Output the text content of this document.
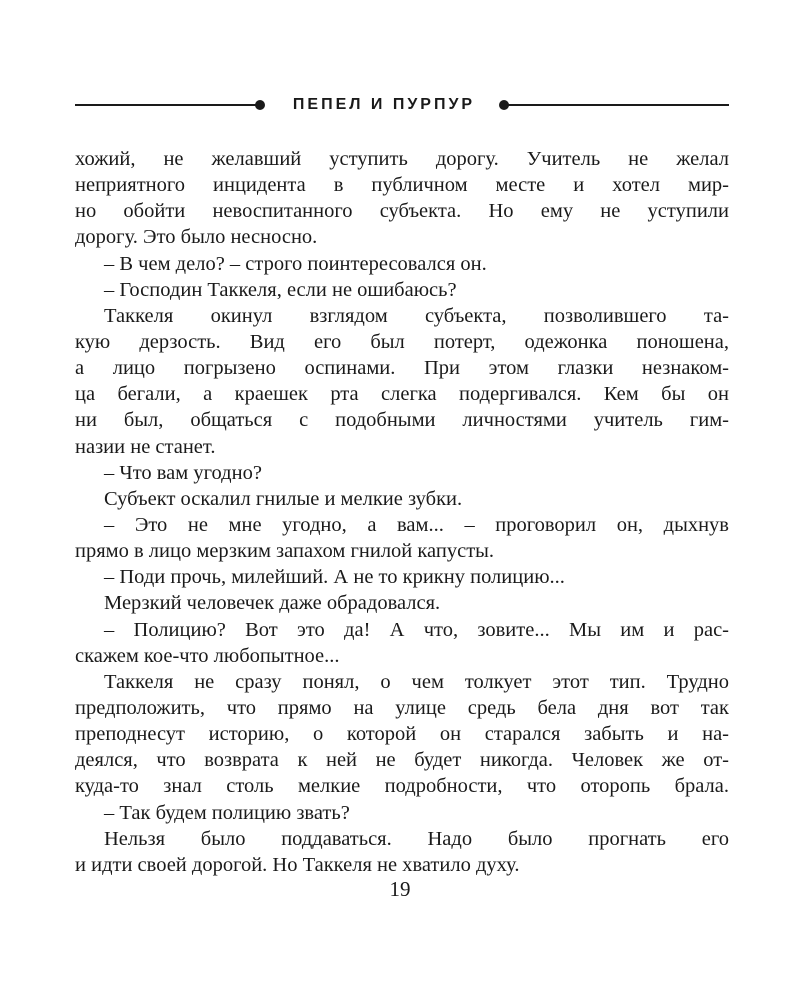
ПЕПЕЛ И ПУРПУР
хожий, не желавший уступить дорогу. Учитель не желал
неприятного инцидента в публичном месте и хотел мир-
но обойти невоспитанного субъекта. Но ему не уступили
дорогу. Это было несносно.
– В чем дело? – строго поинтересовался он.
– Господин Таккеля, если не ошибаюсь?
Таккеля окинул взглядом субъекта, позволившего та-
кую дерзость. Вид его был потерт, одежонка поношена,
а лицо погрызено оспинами. При этом глазки незнаком-
ца бегали, а краешек рта слегка подергивался. Кем бы он
ни был, общаться с подобными личностями учитель гим-
назии не станет.
– Что вам угодно?
Субъект оскалил гнилые и мелкие зубки.
– Это не мне угодно, а вам... – проговорил он, дыхнув
прямо в лицо мерзким запахом гнилой капусты.
– Поди прочь, милейший. А не то крикну полицию...
Мерзкий человечек даже обрадовался.
– Полицию? Вот это да! А что, зовите... Мы им и рас-
скажем кое-что любопытное...
Таккеля не сразу понял, о чем толкует этот тип. Трудно
предположить, что прямо на улице средь бела дня вот так
преподнесут историю, о которой он старался забыть и на-
деялся, что возврата к ней не будет никогда. Человек же от-
куда-то знал столь мелкие подробности, что оторопь брала.
– Так будем полицию звать?
Нельзя было поддаваться. Надо было прогнать его
и идти своей дорогой. Но Таккеля не хватило духу.
19
